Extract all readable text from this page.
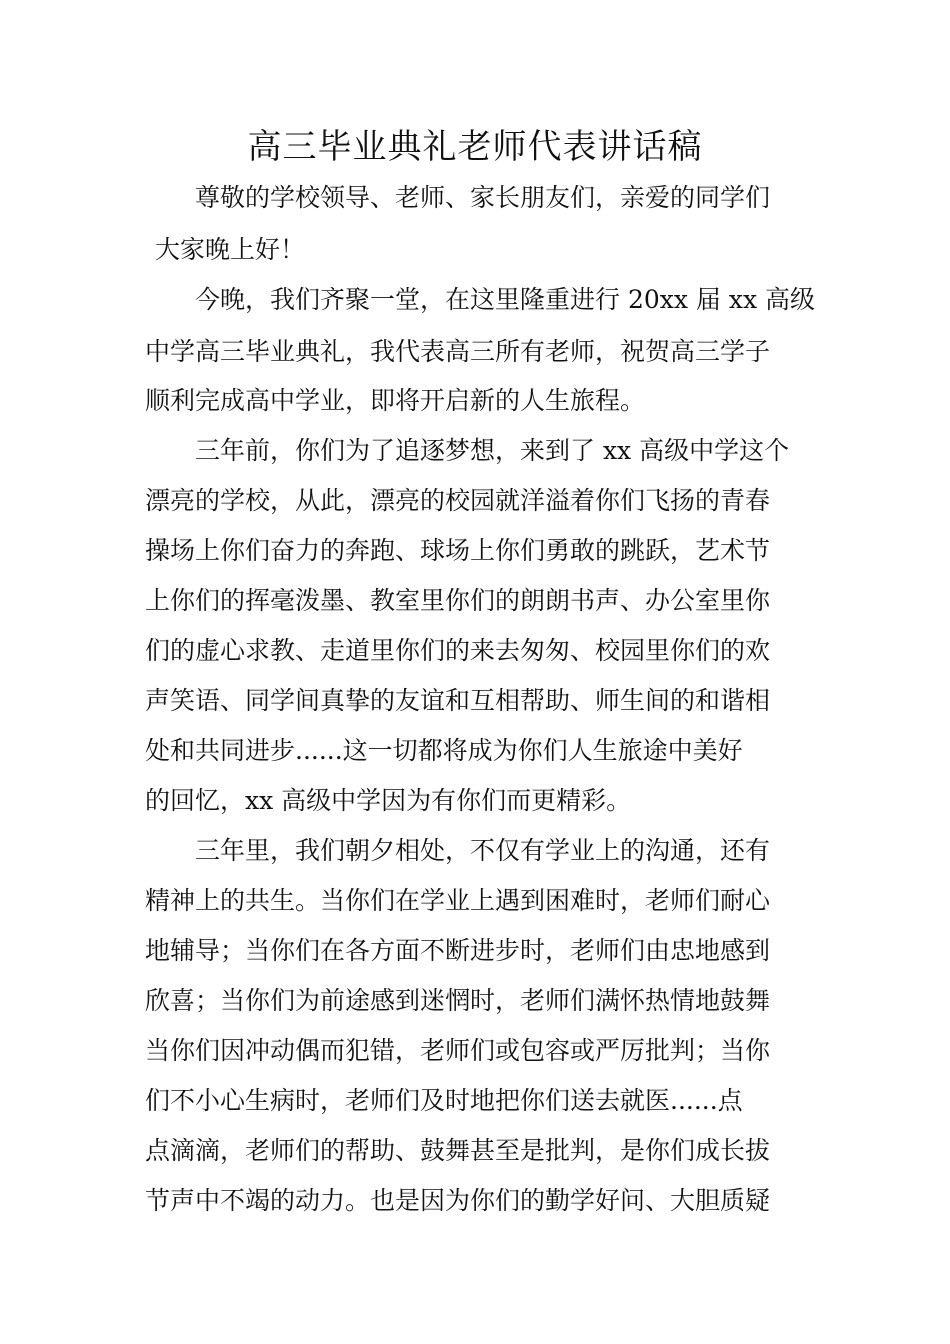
高三毕业典礼老师代表讲话稿
尊敬的学校领导、老师、家长朋友们，亲爱的同学们
大家晚上好！
今晚，我们齐聚一堂，在这里隆重进行 20xx 届 xx 高级
中学高三毕业典礼，我代表高三所有老师，祝贺高三学子
顺利完成高中学业，即将开启新的人生旅程。
三年前，你们为了追逐梦想，来到了 xx 高级中学这个
漂亮的学校，从此，漂亮的校园就洋溢着你们飞扬的青春
操场上你们奋力的奔跑、球场上你们勇敢的跳跃，艺术节
上你们的挥毫泼墨、教室里你们的朗朗书声、办公室里你
们的虚心求教、走道里你们的来去匆匆、校园里你们的欢
声笑语、同学间真挚的友谊和互相帮助、师生间的和谐相
处和共同进步......这一切都将成为你们人生旅途中美好
的回忆，xx 高级中学因为有你们而更精彩。
三年里，我们朝夕相处，不仅有学业上的沟通，还有
精神上的共生。当你们在学业上遇到困难时，老师们耐心
地辅导；当你们在各方面不断进步时，老师们由忠地感到
欣喜；当你们为前途感到迷惘时，老师们满怀热情地鼓舞
当你们因冲动偶而犯错，老师们或包容或严厉批判；当你
们不小心生病时，老师们及时地把你们送去就医......点
点滴滴，老师们的帮助、鼓舞甚至是批判，是你们成长拔
节声中不竭的动力。也是因为你们的勤学好问、大胆质疑
